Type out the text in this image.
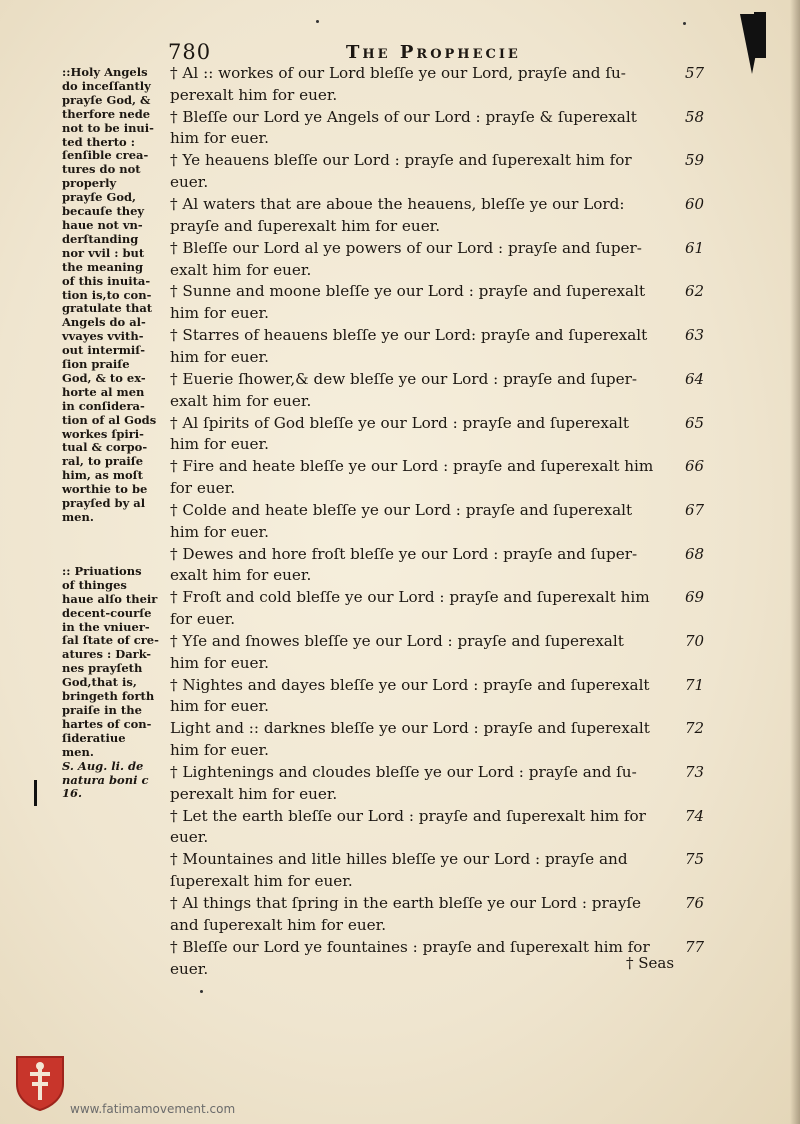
780	The Prophecie

::Holy Angels

do inceſſantly

prayſe God, &

therfore nede

not to be inui-

ted therto :

ſenſible crea-

tures do not

properly

prayſe God,

becauſe they

haue not vn-

derſtanding

nor vvil : but

the meaning

of this inuita-

tion is,to con-

gratulate that

Angels do al-

vvayes vvith-

out intermiſ-

ſion praiſe

God, & to ex-

horte al men

in conſidera-

tion of al Gods

workes ſpiri-

tual & corpo-

ral, to praiſe

him, as moſt

worthie to be

prayſed by al

men.

:: Priuations

of thinges

haue alſo their

decent-courſe

in the vniuer-

ſal ſtate of cre-

atures : Dark-

nes prayſeth

God,that is,

bringeth forth

praiſe in the

hartes of con-

ſideratiue

men.

S. Aug. li. de natura boni c 16.

† Al :: workes of our Lord bleſſe ye our Lord, prayſe and ſu-
perexalt him for euer.
57
† Bleſſe our Lord ye Angels of our Lord : prayſe & ſuperexalt
him for euer.
58
† Ye heauens bleſſe our Lord : prayſe and ſuperexalt him for
euer.
59
† Al waters that are aboue the heauens, bleſſe ye our Lord:
prayſe and ſuperexalt him for euer.
60
† Bleſſe our Lord al ye powers of our Lord : prayſe and ſuper-
exalt him for euer.
61
† Sunne and moone bleſſe ye our Lord : prayſe and ſuperexalt
him for euer.
62
† Starres of heauens bleſſe ye our Lord: prayſe and ſuperexalt
him for euer.
63
† Euerie ſhower,& dew bleſſe ye our Lord : prayſe and ſuper-
exalt him for euer.
64
† Al ſpirits of God bleſſe ye our Lord : prayſe and ſuperexalt
him for euer.
65
† Fire and heate bleſſe ye our Lord : prayſe and ſuperexalt him
for euer.
66
† Colde and heate bleſſe ye our Lord : prayſe and ſuperexalt
him for euer.
67
† Dewes and hore froſt bleſſe ye our Lord : prayſe and ſuper-
exalt him for euer.
68
† Froſt and cold bleſſe ye our Lord : prayſe and ſuperexalt him
for euer.
69
† Yſe and ſnowes bleſſe ye our Lord : prayſe and ſuperexalt
him for euer.
70
† Nightes and dayes bleſſe ye our Lord : prayſe and ſuperexalt
him for euer.
71
Light and :: darknes bleſſe ye our Lord : prayſe and ſuperexalt
him for euer.
72
† Lightenings and cloudes bleſſe ye our Lord : prayſe and ſu-
perexalt him for euer.
73
† Let the earth bleſſe our Lord : prayſe and ſuperexalt him for
euer.
74
† Mountaines and litle hilles bleſſe ye our Lord : prayſe and
ſuperexalt him for euer.
75
† Al things that ſpring in the earth bleſſe ye our Lord : prayſe
and ſuperexalt him for euer.
76
† Bleſſe our Lord ye fountaines : prayſe and ſuperexalt him for
euer.
77
† Seas
www.fatimamovement.com
